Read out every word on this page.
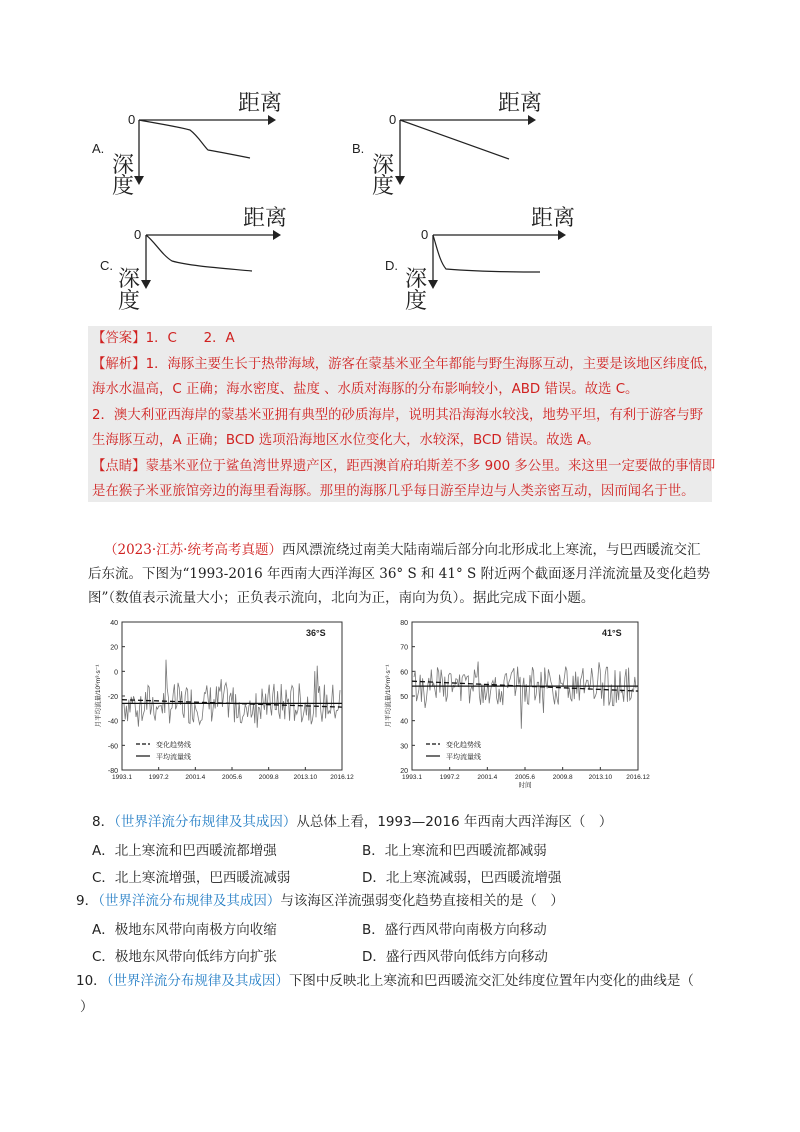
距离
0
A.
深
度
距离
0
B.
深
度
距离
0
C.
深
度
距离
0
D.
深
度
【答案】1．C　　2．A
【解析】1．海豚主要生长于热带海域，游客在蒙基米亚全年都能与野生海豚互动，主要是该地区纬度低，
海水水温高，C 正确；海水密度、盐度 、水质对海豚的分布影响较小，ABD 错误。故选 C。
2．澳大利亚西海岸的蒙基米亚拥有典型的砂质海岸，说明其沿海海水较浅，地势平坦，有利于游客与野
生海豚互动，A 正确；BCD 选项沿海地区水位变化大，水较深，BCD 错误。故选 A。
【点睛】蒙基米亚位于鲨鱼湾世界遗产区，距西澳首府珀斯差不多 900 多公里。来这里一定要做的事情即
是在猴子米亚旅馆旁边的海里看海豚。那里的海豚几乎每日游至岸边与人类亲密互动，因而闻名于世。
（2023·江苏·统考高考真题）西风漂流绕过南美大陆南端后部分向北形成北上寒流，与巴西暖流交汇
后东流。下图为“1993-2016 年西南大西洋海区 36° S 和 41° S 附近两个截面逐月洋流流量及变化趋势
图”（数值表示流量大小；正负表示流向，北向为正，南向为负）。据此完成下面小题。
40
20
0
-20
-40
-60
-80
1993.1	1997.2	2001.4	2005.6	2009.8 2013.10 2016.12
36°S
月平均流量/10⁶m³·s⁻¹
变化趋势线
平均流量线
80
70
60
50
40
30
20
1993.1	1997.2	2001.4	2005.6	2009.8 2013.10 2016.12
41°S
月平均流量/10⁶m³·s⁻¹
时间
变化趋势线
平均流量线
8．（世界洋流分布规律及其成因）从总体上看，1993—2016 年西南大西洋海区（　）
A．北上寒流和巴西暖流都增强	B．北上寒流和巴西暖流都减弱
C．北上寒流增强，巴西暖流减弱	D．北上寒流减弱，巴西暖流增强
9．（世界洋流分布规律及其成因）与该海区洋流强弱变化趋势直接相关的是（　）
A．极地东风带向南极方向收缩	B．盛行西风带向南极方向移动
C．极地东风带向低纬方向扩张	D．盛行西风带向低纬方向移动
10．（世界洋流分布规律及其成因）下图中反映北上寒流和巴西暖流交汇处纬度位置年内变化的曲线是（
）
